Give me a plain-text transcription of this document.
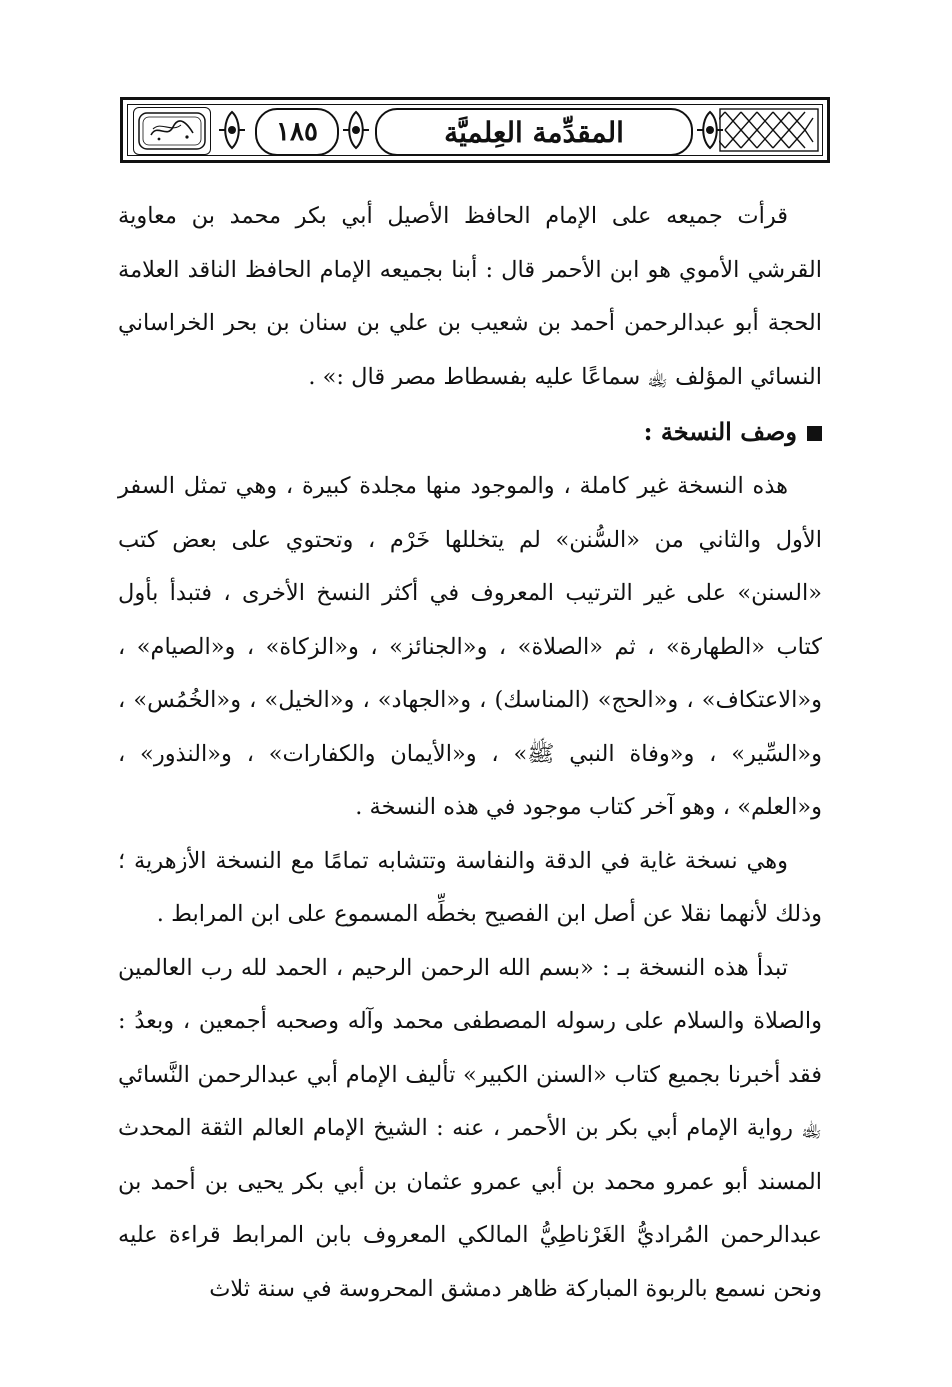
١٨٥	المقدِّمة العِلميَّة

قرأت جميعه على الإمام الحافظ الأصيل أبي بكر محمد بن معاوية القرشي الأموي هو ابن الأحمر قال : أبنا بجميعه الإمام الحافظ الناقد العلامة الحجة أبو عبدالرحمن أحمد بن شعيب بن علي بن سنان بن بحر الخراساني النسائي المؤلف ﵀ سماعًا عليه بفسطاط مصر قال :» .

وصف النسخة :

هذه النسخة غير كاملة ، والموجود منها مجلدة كبيرة ، وهي تمثل السفر الأول والثاني من «السُّنن» لم يتخللها خَرْم ، وتحتوي على بعض كتب «السنن» على غير الترتيب المعروف في أكثر النسخ الأخرى ، فتبدأ بأول كتاب «الطهارة» ، ثم «الصلاة» ، و«الجنائز» ، و«الزكاة» ، و«الصيام» ، و«الاعتكاف» ، و«الحج» (المناسك) ، و«الجهاد» ، و«الخيل» ، و«الخُمُس» ، و«السِّير» ، و«وفاة النبي ﷺ» ، و«الأيمان والكفارات» ، و«النذور» ، و«العلم» ، وهو آخر كتاب موجود في هذه النسخة .

وهي نسخة غاية في الدقة والنفاسة وتتشابه تمامًا مع النسخة الأزهرية ؛ وذلك لأنهما نقلا عن أصل ابن الفصيح بخطِّه المسموع على ابن المرابط .

تبدأ هذه النسخة بـ : «بسم الله الرحمن الرحيم ، الحمد لله رب العالمين والصلاة والسلام على رسوله المصطفى محمد وآله وصحبه أجمعين ، وبعدُ : فقد أخبرنا بجميع كتاب «السنن الكبير» تأليف الإمام أبي عبدالرحمن النَّسائي ﵀ رواية الإمام أبي بكر بن الأحمر ، عنه : الشيخ الإمام العالم الثقة المحدث المسند أبو عمرو محمد بن أبي عمرو عثمان بن أبي بكر يحيى بن أحمد بن عبدالرحمن المُراديُّ الغَرْناطِيُّ المالكي المعروف بابن المرابط قراءة عليه ونحن نسمع بالربوة المباركة ظاهر دمشق المحروسة في سنة ثلاث
